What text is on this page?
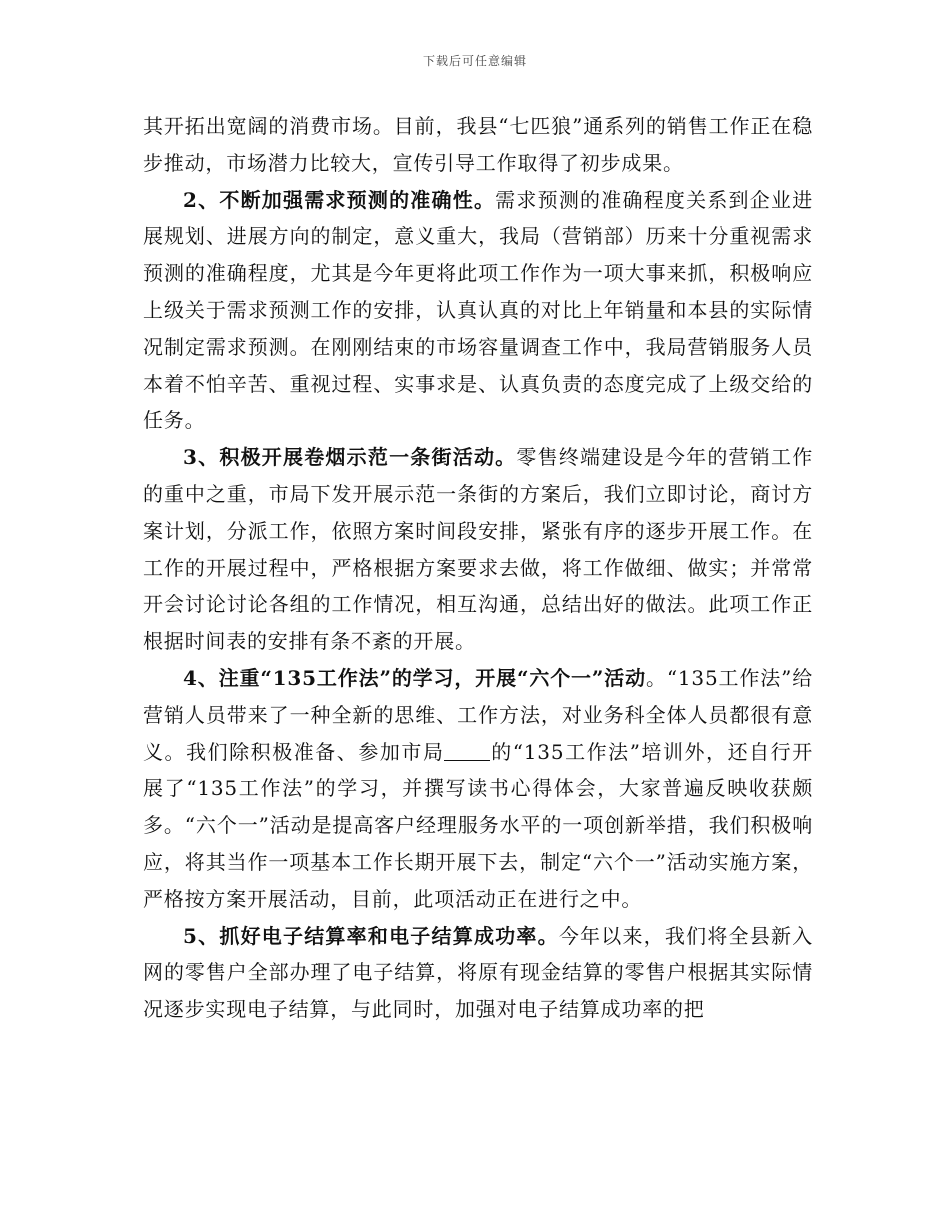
下载后可任意编辑

其开拓出宽阔的消费市场。目前，我县“七匹狼”通系列的销售工作正在稳步推动，市场潜力比较大，宣传引导工作取得了初步成果。

2、不断加强需求预测的准确性。需求预测的准确程度关系到企业进展规划、进展方向的制定，意义重大，我局（营销部）历来十分重视需求预测的准确程度，尤其是今年更将此项工作作为一项大事来抓，积极响应上级关于需求预测工作的安排，认真认真的对比上年销量和本县的实际情况制定需求预测。在刚刚结束的市场容量调查工作中，我局营销服务人员本着不怕辛苦、重视过程、实事求是、认真负责的态度完成了上级交给的任务。

3、积极开展卷烟示范一条街活动。零售终端建设是今年的营销工作的重中之重，市局下发开展示范一条街的方案后，我们立即讨论，商讨方案计划，分派工作，依照方案时间段安排，紧张有序的逐步开展工作。在工作的开展过程中，严格根据方案要求去做，将工作做细、做实；并常常开会讨论讨论各组的工作情况，相互沟通，总结出好的做法。此项工作正根据时间表的安排有条不紊的开展。

4、注重“135工作法”的学习，开展“六个一”活动。“135工作法”给营销人员带来了一种全新的思维、工作方法，对业务科全体人员都很有意义。我们除积极准备、参加市局 的“135工作法”培训外，还自行开展了“135工作法”的学习，并撰写读书心得体会，大家普遍反映收获颇多。“六个一”活动是提高客户经理服务水平的一项创新举措，我们积极响应，将其当作一项基本工作长期开展下去，制定“六个一”活动实施方案，严格按方案开展活动，目前，此项活动正在进行之中。

5、抓好电子结算率和电子结算成功率。今年以来，我们将全县新入网的零售户全部办理了电子结算，将原有现金结算的零售户根据其实际情况逐步实现电子结算，与此同时，加强对电子结算成功率的把
